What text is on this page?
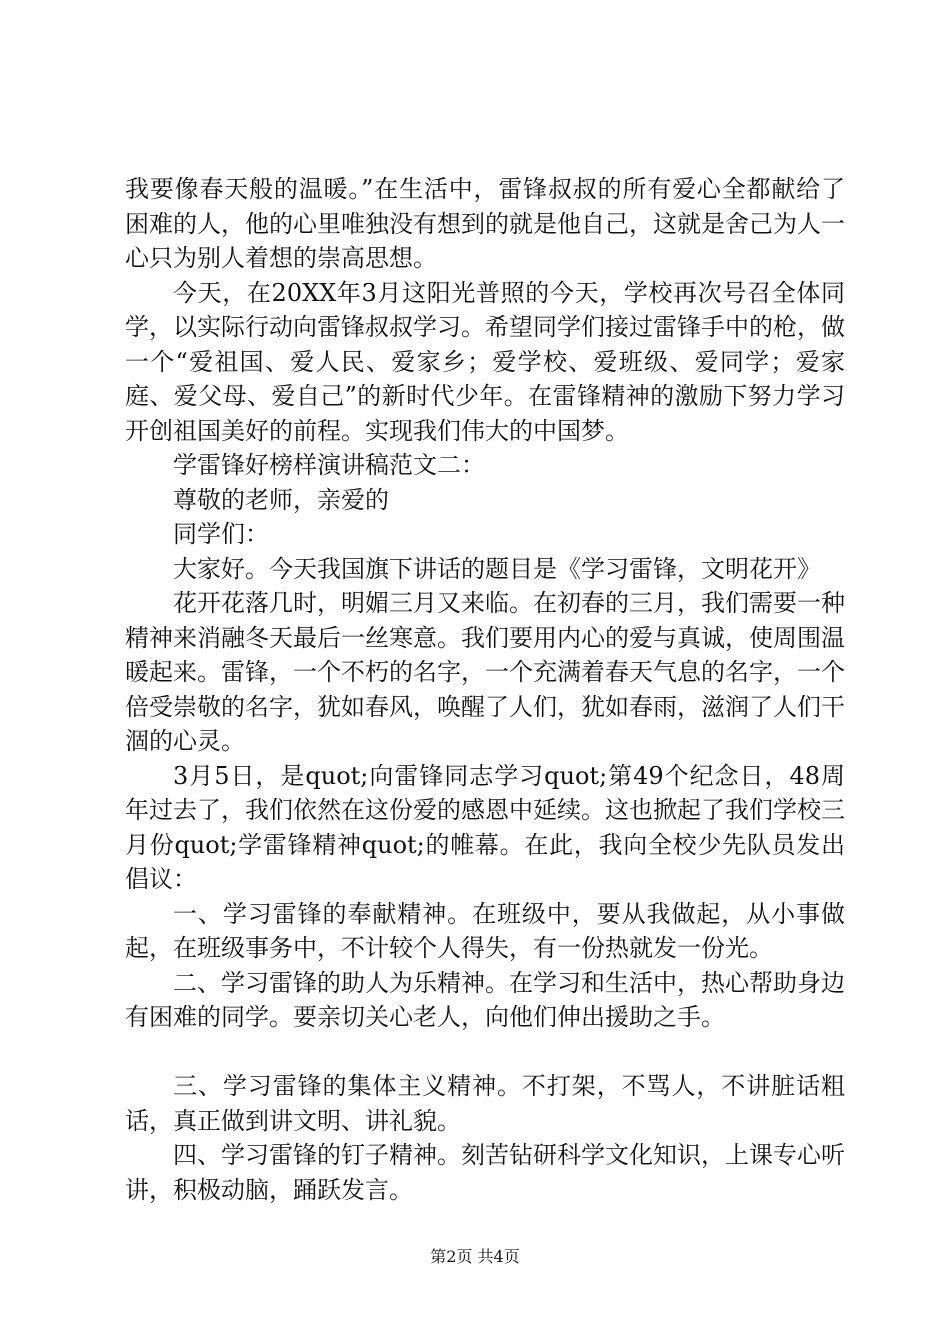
我要像春天般的温暖。”在生活中，雷锋叔叔的所有爱心全都献给了困难的人，他的心里唯独没有想到的就是他自己，这就是舍己为人一心只为别人着想的崇高思想。

今天，在20XX年3月这阳光普照的今天，学校再次号召全体同学，以实际行动向雷锋叔叔学习。希望同学们接过雷锋手中的枪，做一个“爱祖国、爱人民、爱家乡；爱学校、爱班级、爱同学；爱家庭、爱父母、爱自己”的新时代少年。在雷锋精神的激励下努力学习开创祖国美好的前程。实现我们伟大的中国梦。

学雷锋好榜样演讲稿范文二：

尊敬的老师，亲爱的

同学们：

大家好。今天我国旗下讲话的题目是《学习雷锋，文明花开》

花开花落几时，明媚三月又来临。在初春的三月，我们需要一种精神来消融冬天最后一丝寒意。我们要用内心的爱与真诚，使周围温暖起来。雷锋，一个不朽的名字，一个充满着春天气息的名字，一个倍受崇敬的名字，犹如春风，唤醒了人们，犹如春雨，滋润了人们干涸的心灵。

3月5日，是quot;向雷锋同志学习quot;第49个纪念日，48周年过去了，我们依然在这份爱的感恩中延续。这也掀起了我们学校三月份quot;学雷锋精神quot;的帷幕。在此，我向全校少先队员发出倡议：

一、学习雷锋的奉献精神。在班级中，要从我做起，从小事做起，在班级事务中，不计较个人得失，有一份热就发一份光。

二、学习雷锋的助人为乐精神。在学习和生活中，热心帮助身边有困难的同学。要亲切关心老人，向他们伸出援助之手。

三、学习雷锋的集体主义精神。不打架，不骂人，不讲脏话粗话，真正做到讲文明、讲礼貌。

四、学习雷锋的钉子精神。刻苦钻研科学文化知识，上课专心听讲，积极动脑，踊跃发言。

第2页 共4页
